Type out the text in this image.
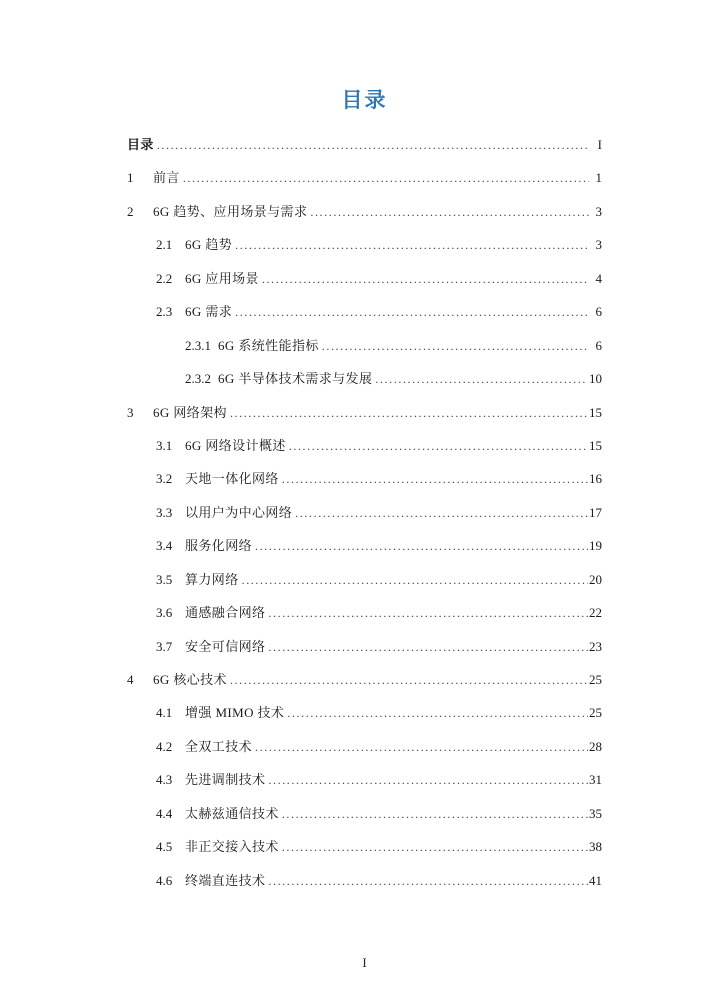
目录
目录 .....	I
1	前言 .....	1
2	6G 趋势、应用场景与需求 .....	3
2.1 6G 趋势 .....	3
2.2 6G 应用场景 .....	4
2.3 6G 需求 .....	6
2.3.1 6G 系统性能指标 .....	6
2.3.2 6G 半导体技术需求与发展 .....	10
3	6G 网络架构 .....	15
3.1 6G 网络设计概述 .....	15
3.2 天地一体化网络 .....	16
3.3 以用户为中心网络 .....	17
3.4 服务化网络 .....	19
3.5 算力网络 .....	20
3.6 通感融合网络 .....	22
3.7 安全可信网络 .....	23
4	6G 核心技术 .....	25
4.1 增强 MIMO 技术 .....	25
4.2 全双工技术 .....	28
4.3 先进调制技术 .....	31
4.4 太赫兹通信技术 .....	35
4.5 非正交接入技术 .....	38
4.6 终端直连技术 .....	41
I
